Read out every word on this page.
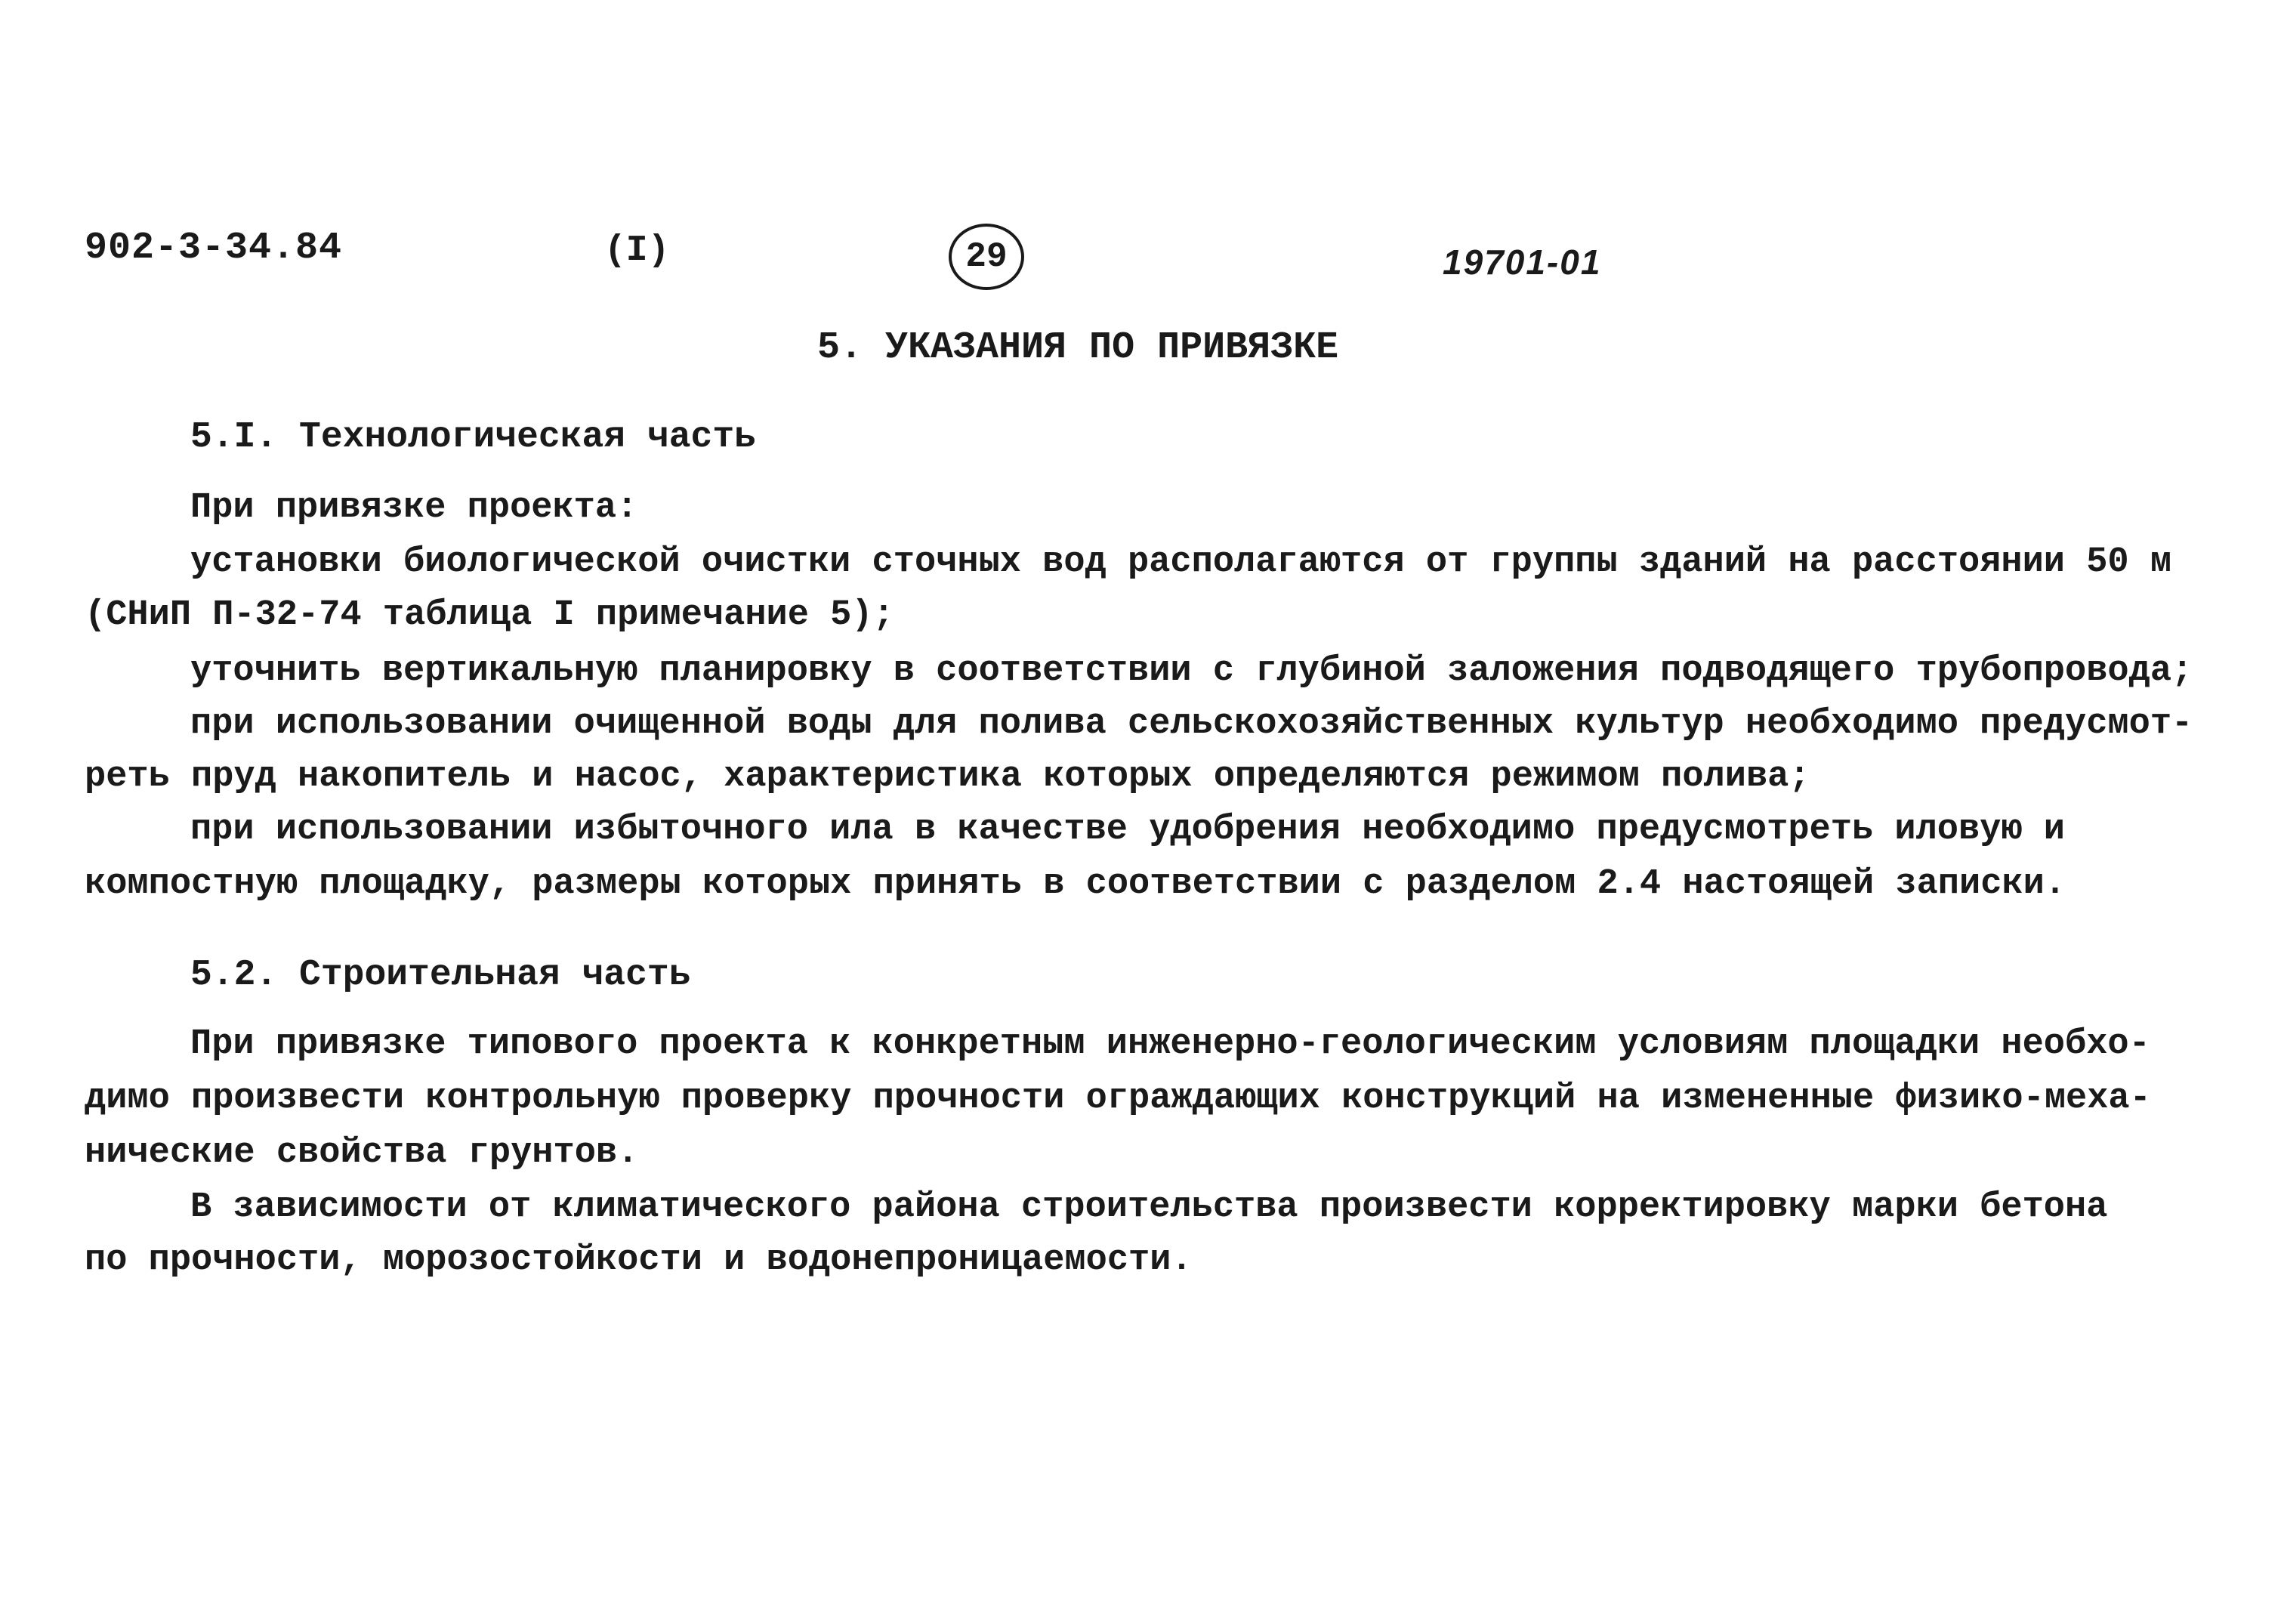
902-3-34.84	(I)	29	19701-01
5. УКАЗАНИЯ ПО ПРИВЯЗКЕ
5.I. Технологическая часть
При привязке проекта:
установки биологической очистки сточных вод располагаются от группы зданий на расстоянии 50 м
(СНиП П-32-74 таблица I примечание 5);
уточнить вертикальную планировку в соответствии с глубиной заложения подводящего трубопровода;
при использовании очищенной воды для полива сельскохозяйственных культур необходимо предусмот-
реть пруд накопитель и насос, характеристика которых определяются режимом полива;
при использовании избыточного ила в качестве удобрения необходимо предусмотреть иловую и
компостную площадку, размеры которых принять в соответствии с разделом 2.4 настоящей записки.
5.2. Строительная часть
При привязке типового проекта к конкретным инженерно-геологическим условиям площадки необхо-
димо произвести контрольную проверку прочности ограждающих конструкций на измененные физико-меха-
нические свойства грунтов.
В зависимости от климатического района строительства произвести корректировку марки бетона
по прочности, морозостойкости и водонепроницаемости.
